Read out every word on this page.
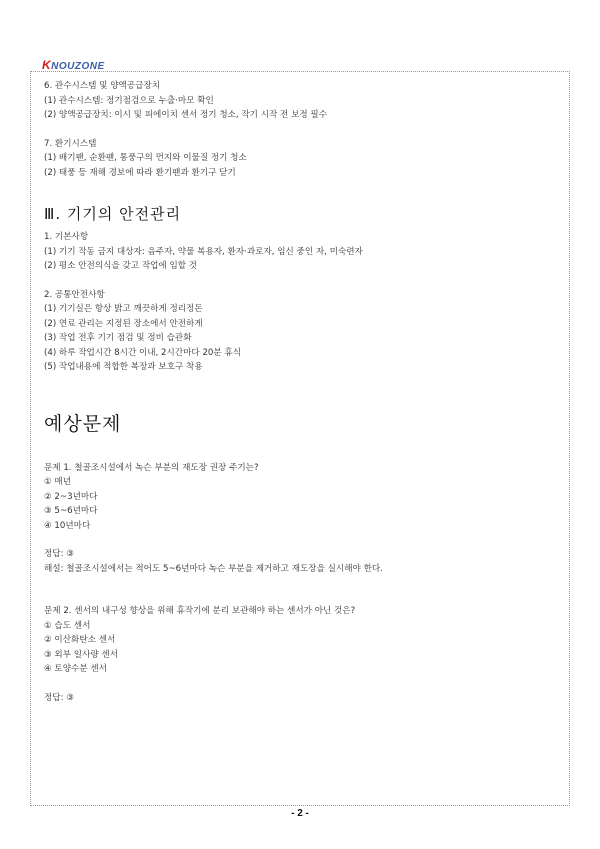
KNOUZONE
6. 관수시스템 및 양액공급장치
(1) 관수시스템: 정기점검으로 누출·마모 확인
(2) 양액공급장치: 이시 및 피에이치 센서 정기 청소, 작기 시작 전 보정 필수
7. 환기시스템
(1) 배기팬, 순환팬, 통풍구의 먼지와 이물질 정기 청소
(2) 태풍 등 재해 경보에 따라 환기팬과 환기구 닫기
Ⅲ. 기기의 안전관리
1. 기본사항
(1) 기기 작동 금지 대상자: 음주자, 약물 복용자, 환자·과로자, 임신 중인 자, 미숙련자
(2) 평소 안전의식을 갖고 작업에 임할 것
2. 공통안전사항
(1) 기기실은 항상 밝고 깨끗하게 정리정돈
(2) 연료 관리는 지정된 장소에서 안전하게
(3) 작업 전후 기기 점검 및 정비 습관화
(4) 하루 작업시간 8시간 이내, 2시간마다 20분 휴식
(5) 작업내용에 적합한 복장과 보호구 착용
예상문제
문제 1. 철골조시설에서 녹슨 부분의 재도장 권장 주기는?
① 매년
② 2~3년마다
③ 5~6년마다
④ 10년마다
정답: ③
해설: 철골조시설에서는 적어도 5~6년마다 녹슨 부분을 제거하고 재도장을 실시해야 한다.
문제 2. 센서의 내구성 향상을 위해 휴작기에 분리 보관해야 하는 센서가 아닌 것은?
① 습도 센서
② 이산화탄소 센서
③ 외부 일사량 센서
④ 토양수분 센서
정답: ③
- 2 -
